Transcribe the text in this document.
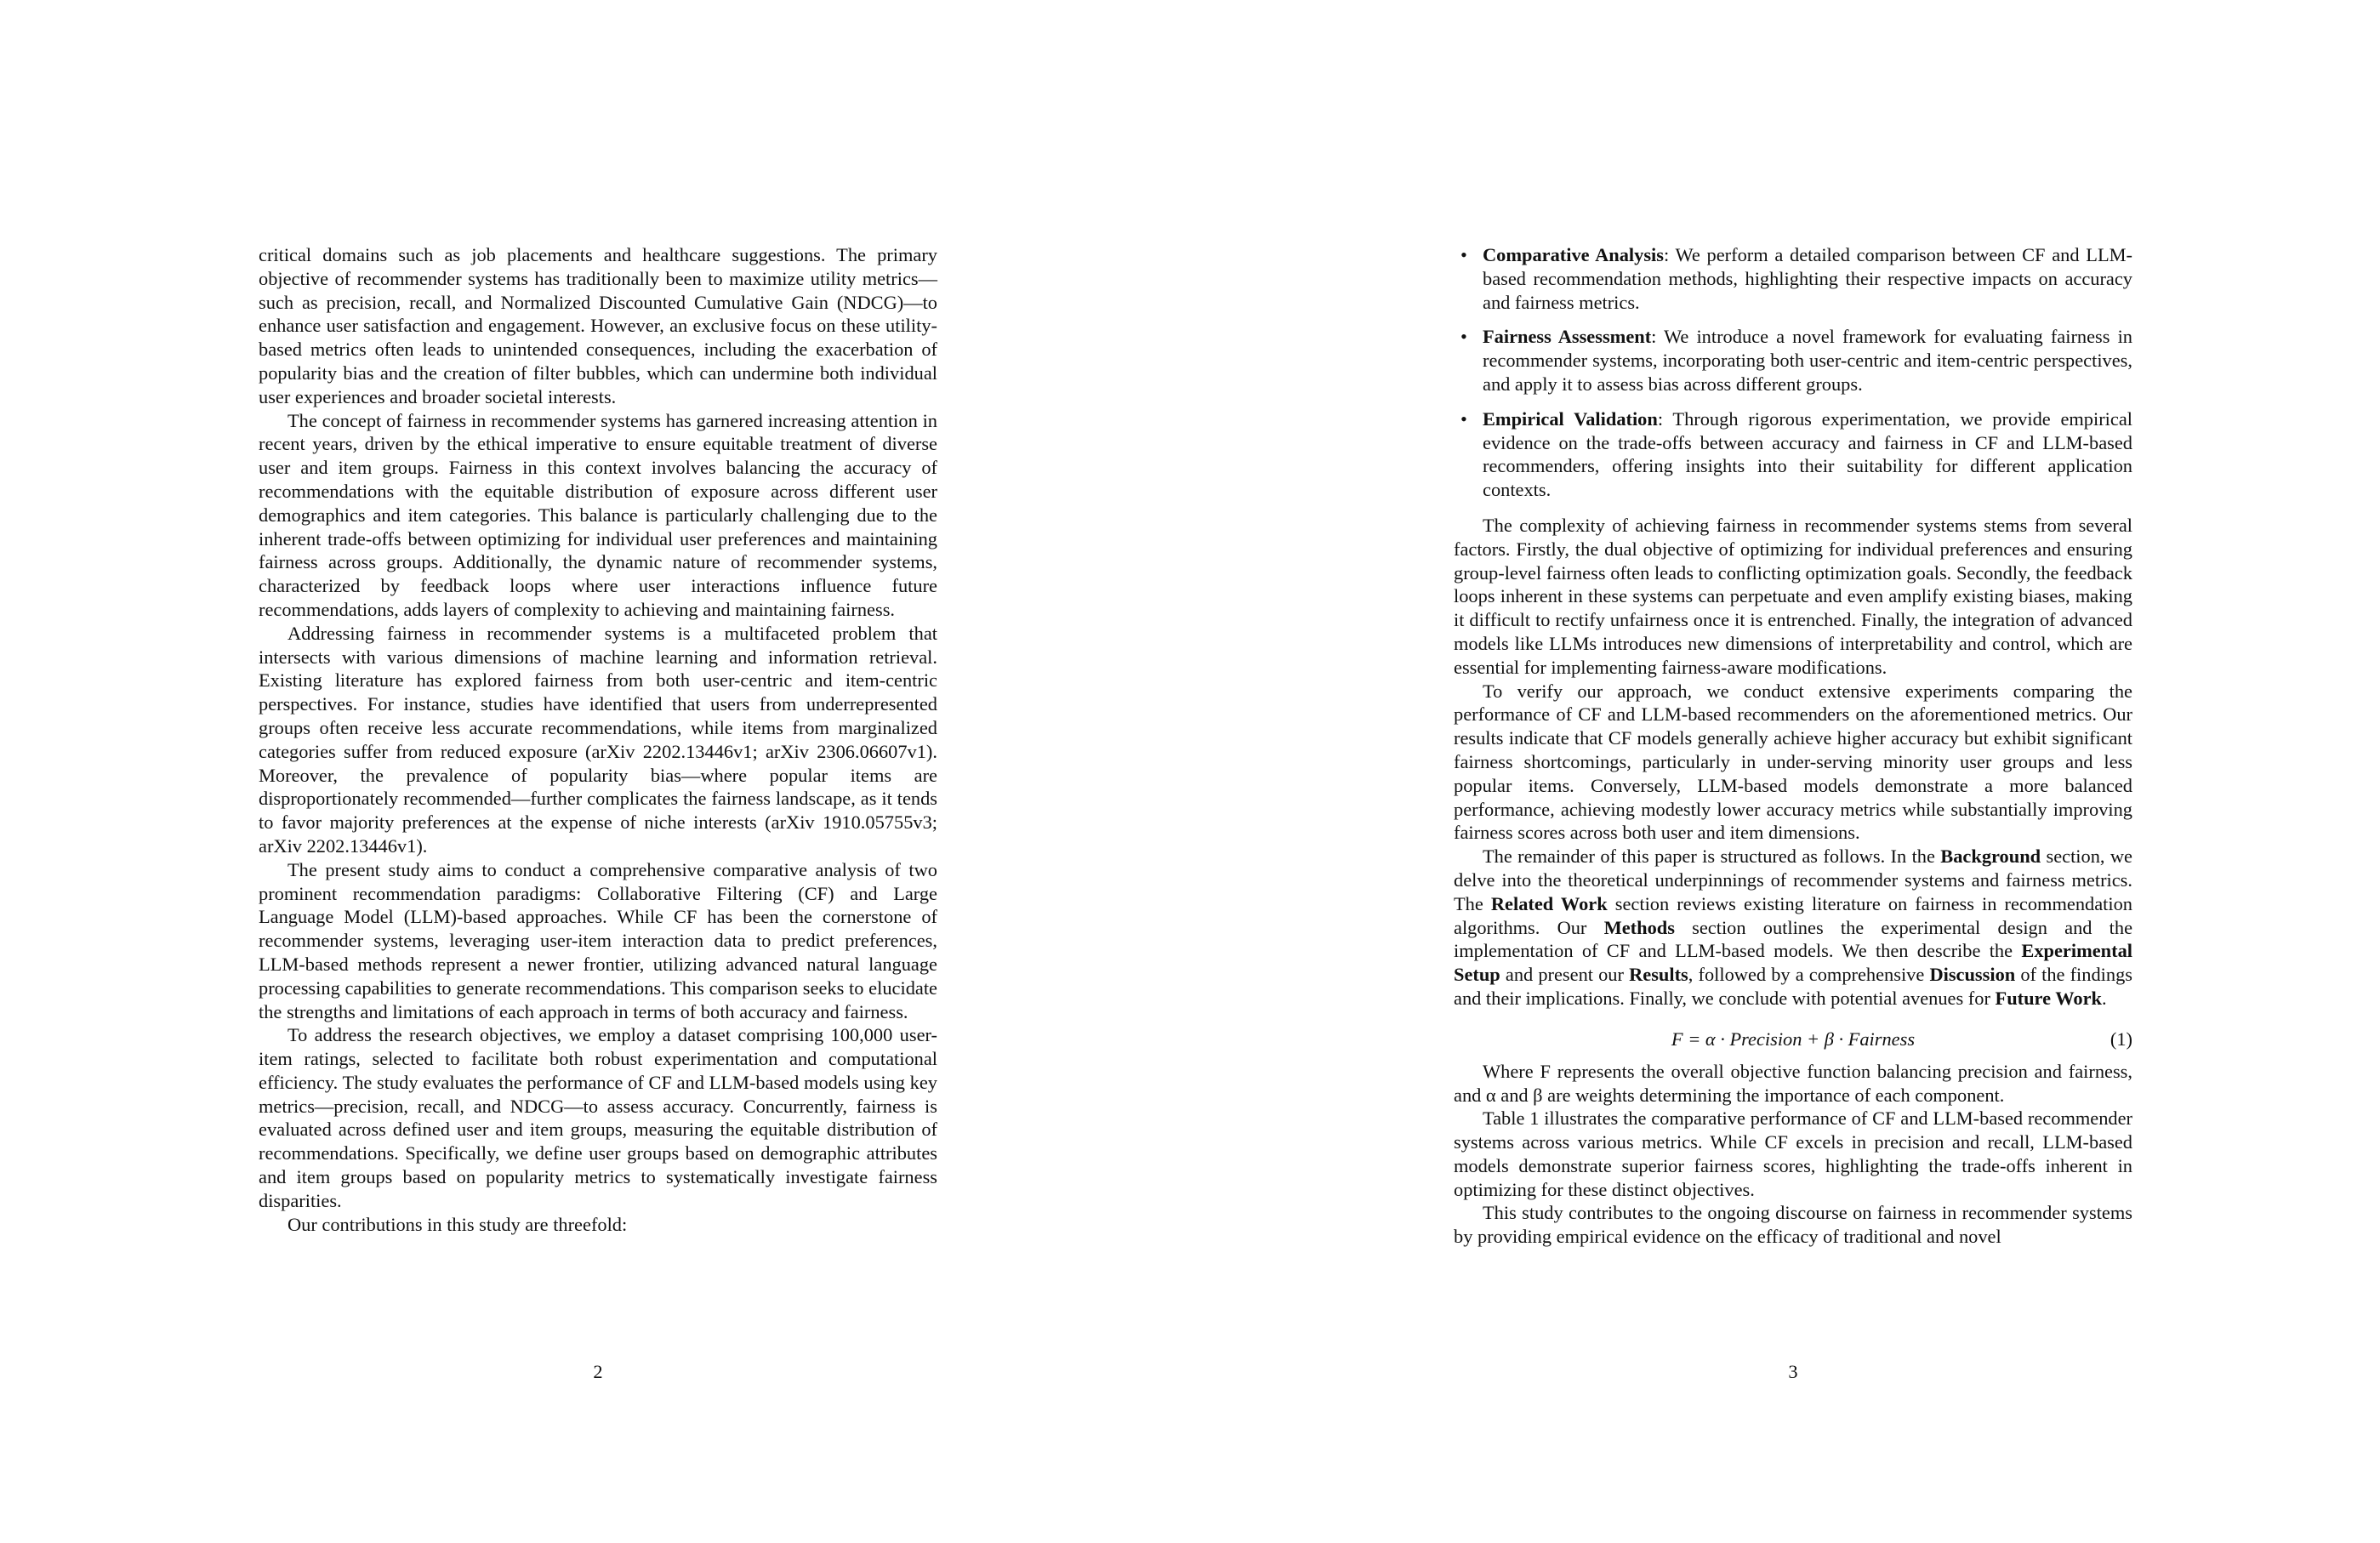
critical domains such as job placements and healthcare suggestions. The primary objective of recommender systems has traditionally been to maximize utility metrics—such as precision, recall, and Normalized Discounted Cumulative Gain (NDCG)—to enhance user satisfaction and engagement. However, an exclusive focus on these utility-based metrics often leads to unintended consequences, including the exacerbation of popularity bias and the creation of filter bubbles, which can undermine both individual user experiences and broader societal interests.

The concept of fairness in recommender systems has garnered increasing attention in recent years, driven by the ethical imperative to ensure equitable treatment of diverse user and item groups. Fairness in this context involves balancing the accuracy of recommendations with the equitable distribution of exposure across different user demographics and item categories. This balance is particularly challenging due to the inherent trade-offs between optimizing for individual user preferences and maintaining fairness across groups. Additionally, the dynamic nature of recommender systems, characterized by feedback loops where user interactions influence future recommendations, adds layers of complexity to achieving and maintaining fairness.

Addressing fairness in recommender systems is a multifaceted problem that intersects with various dimensions of machine learning and information retrieval. Existing literature has explored fairness from both user-centric and item-centric perspectives. For instance, studies have identified that users from underrepresented groups often receive less accurate recommendations, while items from marginalized categories suffer from reduced exposure (arXiv 2202.13446v1; arXiv 2306.06607v1). Moreover, the prevalence of popularity bias—where popular items are disproportionately recommended—further complicates the fairness landscape, as it tends to favor majority preferences at the expense of niche interests (arXiv 1910.05755v3; arXiv 2202.13446v1).

The present study aims to conduct a comprehensive comparative analysis of two prominent recommendation paradigms: Collaborative Filtering (CF) and Large Language Model (LLM)-based approaches. While CF has been the cornerstone of recommender systems, leveraging user-item interaction data to predict preferences, LLM-based methods represent a newer frontier, utilizing advanced natural language processing capabilities to generate recommendations. This comparison seeks to elucidate the strengths and limitations of each approach in terms of both accuracy and fairness.

To address the research objectives, we employ a dataset comprising 100,000 user-item ratings, selected to facilitate both robust experimentation and computational efficiency. The study evaluates the performance of CF and LLM-based models using key metrics—precision, recall, and NDCG—to assess accuracy. Concurrently, fairness is evaluated across defined user and item groups, measuring the equitable distribution of recommendations. Specifically, we define user groups based on demographic attributes and item groups based on popularity metrics to systematically investigate fairness disparities.

Our contributions in this study are threefold:

2
• Comparative Analysis: We perform a detailed comparison between CF and LLM-based recommendation methods, highlighting their respective impacts on accuracy and fairness metrics.
• Fairness Assessment: We introduce a novel framework for evaluating fairness in recommender systems, incorporating both user-centric and item-centric perspectives, and apply it to assess bias across different groups.
• Empirical Validation: Through rigorous experimentation, we provide empirical evidence on the trade-offs between accuracy and fairness in CF and LLM-based recommenders, offering insights into their suitability for different application contexts.

The complexity of achieving fairness in recommender systems stems from several factors. Firstly, the dual objective of optimizing for individual preferences and ensuring group-level fairness often leads to conflicting optimization goals. Secondly, the feedback loops inherent in these systems can perpetuate and even amplify existing biases, making it difficult to rectify unfairness once it is entrenched. Finally, the integration of advanced models like LLMs introduces new dimensions of interpretability and control, which are essential for implementing fairness-aware modifications.

To verify our approach, we conduct extensive experiments comparing the performance of CF and LLM-based recommenders on the aforementioned metrics. Our results indicate that CF models generally achieve higher accuracy but exhibit significant fairness shortcomings, particularly in under-serving minority user groups and less popular items. Conversely, LLM-based models demonstrate a more balanced performance, achieving modestly lower accuracy metrics while substantially improving fairness scores across both user and item dimensions.

The remainder of this paper is structured as follows. In the Background section, we delve into the theoretical underpinnings of recommender systems and fairness metrics. The Related Work section reviews existing literature on fairness in recommendation algorithms. Our Methods section outlines the experimental design and the implementation of CF and LLM-based models. We then describe the Experimental Setup and present our Results, followed by a comprehensive Discussion of the findings and their implications. Finally, we conclude with potential avenues for Future Work.

F = α · Precision + β · Fairness	(1)

Where F represents the overall objective function balancing precision and fairness, and α and β are weights determining the importance of each component.

Table 1 illustrates the comparative performance of CF and LLM-based recommender systems across various metrics. While CF excels in precision and recall, LLM-based models demonstrate superior fairness scores, highlighting the trade-offs inherent in optimizing for these distinct objectives.

This study contributes to the ongoing discourse on fairness in recommender systems by providing empirical evidence on the efficacy of traditional and novel

3
